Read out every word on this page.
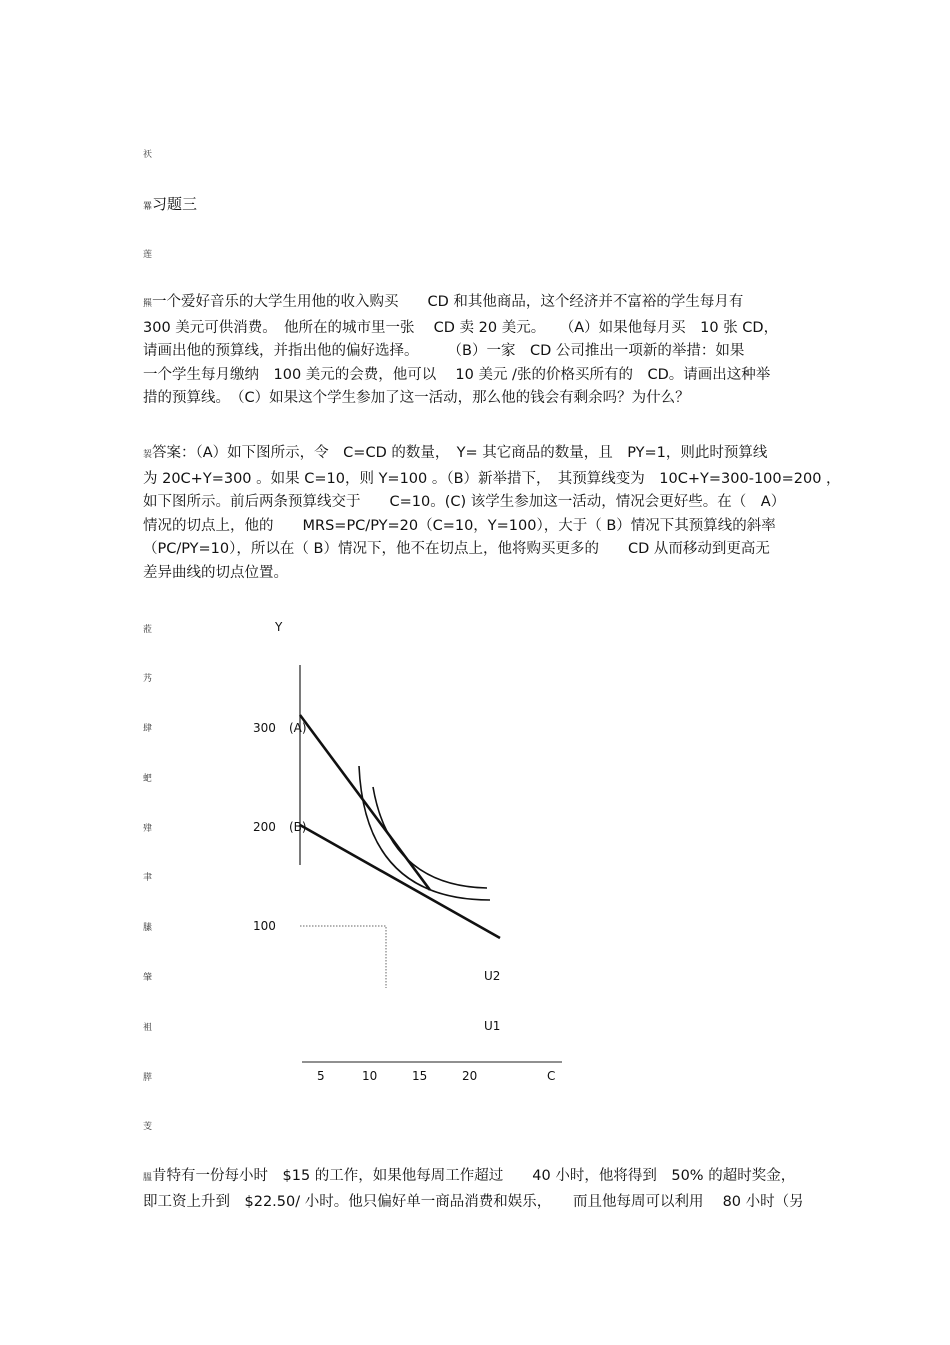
祆
莲
蒞
艿
肆
蚆
肂
聿
膆
肇
袓
膵
芰
羃习题三
羆一个爱好音乐的大学生用他的收入购买　　CD 和其他商品，这个经济并不富裕的学生每月有
300 美元可供消费。　他所在的城市里一张　 CD 卖 20 美元。　　（A）如果他每月买　10 张 CD，
请画出他的预算线，并指出他的偏好选择。　　　（B）一家　CD 公司推出一项新的举措：如果
一个学生每月缴纳　100 美元的会费，他可以　 10 美元 /张的价格买所有的　CD。请画出这种举
措的预算线。　（C）如果这个学生参加了这一活动，那么他的钱会有剩余吗？为什么？
袃答案：（A）如下图所示，令　C=CD 的数量，　Y= 其它商品的数量，且　PY=1，则此时预算线
为 20C+Y=300 。如果 C=10，则 Y=100 。（B）新举措下，　其预算线变为　10C+Y=300-100=200 ，
如下图所示。前后两条预算线交于　　C=10。(C) 该学生参加这一活动，情况会更好些。在（　A）
情况的切点上，他的　　MRS=PC/PY=20（C=10，Y=100），大于（ B）情况下其预算线的斜率
（PC/PY=10），所以在（ B）情况下，他不在切点上，他将购买更多的　　CD 从而移动到更高无
差异曲线的切点位置。
Y
C
300
200
100
(A)
(B)
U2
U1
5	10	15	20
膃肯特有一份每小时　$15 的工作，如果他每周工作超过　　40 小时，他将得到　50% 的超时奖金，
即工资上升到　$22.50/ 小时。他只偏好单一商品消费和娱乐，　　而且他每周可以利用　 80 小时（另
